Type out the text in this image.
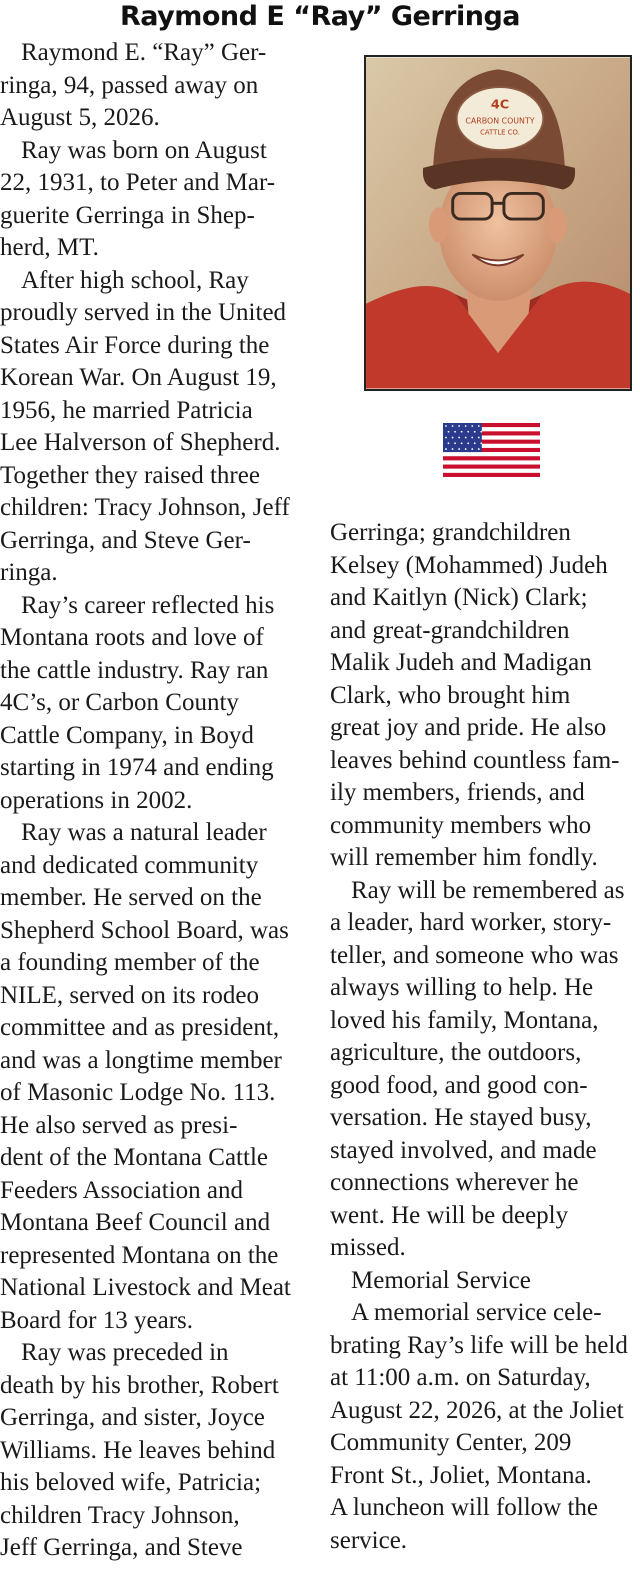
Raymond E “Ray” Gerringa
Raymond E. “Ray” Ger-
ringa, 94, passed away on
August 5, 2026.
Ray was born on August
22, 1931, to Peter and Mar-
guerite Gerringa in Shep-
herd, MT.
After high school, Ray
proudly served in the United
States Air Force during the
Korean War. On August 19,
1956, he married Patricia
Lee Halverson of Shepherd.
Together they raised three
children: Tracy Johnson, Jeff
Gerringa, and Steve Ger-
ringa.
Ray’s career reflected his
Montana roots and love of
the cattle industry. Ray ran
4C’s, or Carbon County
Cattle Company, in Boyd
starting in 1974 and ending
operations in 2002.
Ray was a natural leader
and dedicated community
member. He served on the
Shepherd School Board, was
a founding member of the
NILE, served on its rodeo
committee and as president,
and was a longtime member
of Masonic Lodge No. 113.
He also served as presi-
dent of the Montana Cattle
Feeders Association and
Montana Beef Council and
represented Montana on the
National Livestock and Meat
Board for 13 years.
Ray was preceded in
death by his brother, Robert
Gerringa, and sister, Joyce
Williams. He leaves behind
his beloved wife, Patricia;
children Tracy Johnson,
Jeff Gerringa, and Steve
4C
CARBON COUNTY
CATTLE CO.
Gerringa; grandchildren
Kelsey (Mohammed) Judeh
and Kaitlyn (Nick) Clark;
and great-grandchildren
Malik Judeh and Madigan
Clark, who brought him
great joy and pride. He also
leaves behind countless fam-
ily members, friends, and
community members who
will remember him fondly.
Ray will be remembered as
a leader, hard worker, story-
teller, and someone who was
always willing to help. He
loved his family, Montana,
agriculture, the outdoors,
good food, and good con-
versation. He stayed busy,
stayed involved, and made
connections wherever he
went. He will be deeply
missed.
Memorial Service
A memorial service cele-
brating Ray’s life will be held
at 11:00 a.m. on Saturday,
August 22, 2026, at the Joliet
Community Center, 209
Front St., Joliet, Montana.
A luncheon will follow the
service.
